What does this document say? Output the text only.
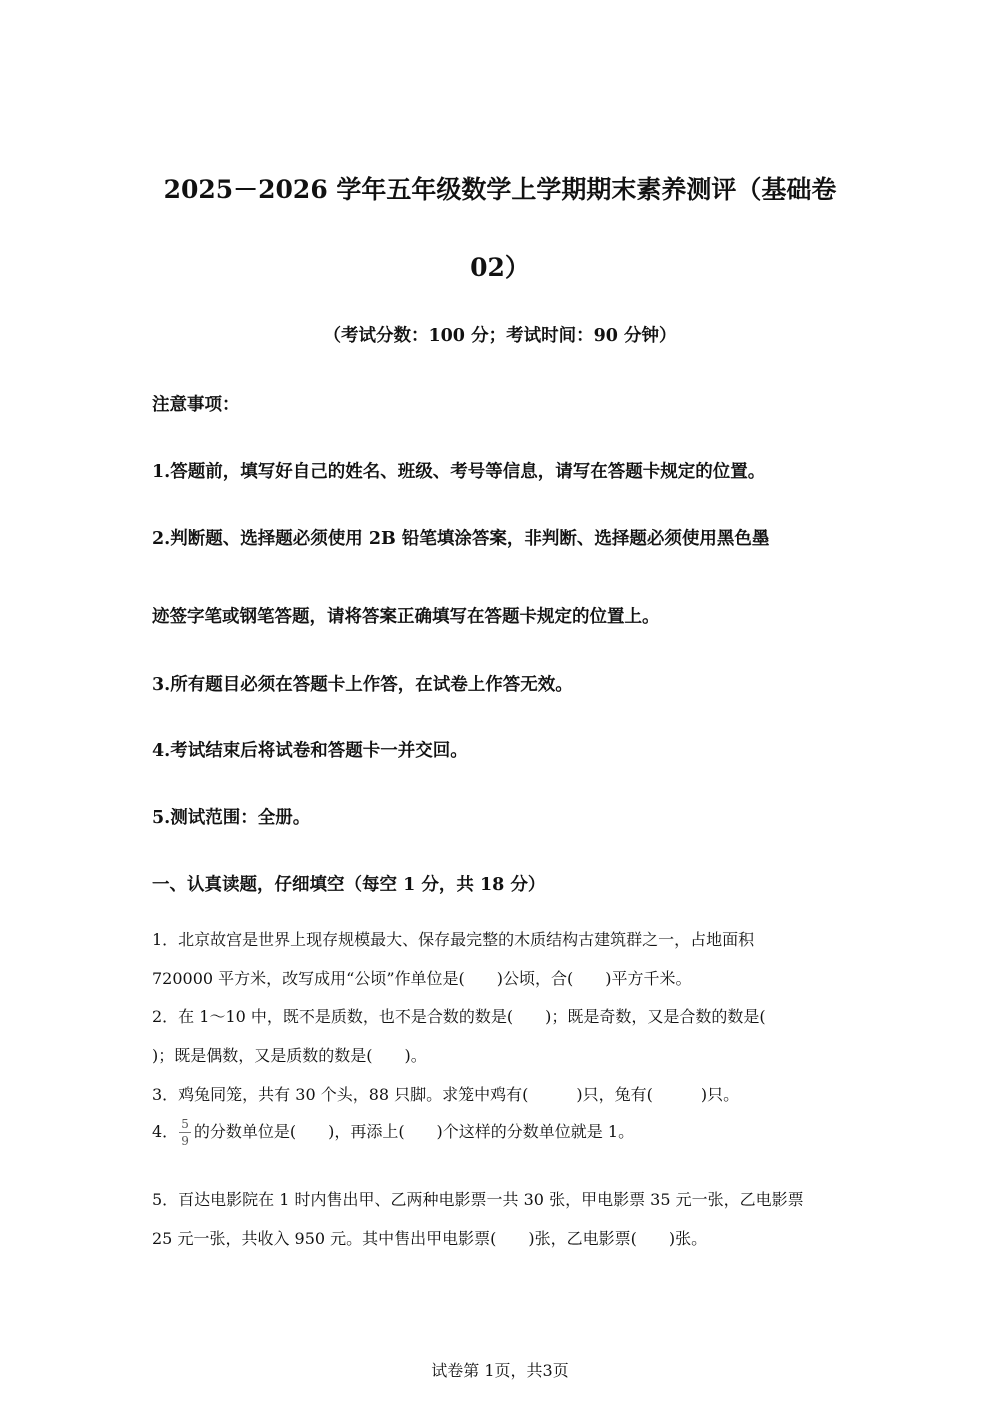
2025－2026 学年五年级数学上学期期末素养测评（基础卷
02）
（考试分数：100 分；考试时间：90 分钟）
注意事项：
1.答题前，填写好自己的姓名、班级、考号等信息，请写在答题卡规定的位置。
2.判断题、选择题必须使用 2B 铅笔填涂答案，非判断、选择题必须使用黑色墨
迹签字笔或钢笔答题，请将答案正确填写在答题卡规定的位置上。
3.所有题目必须在答题卡上作答，在试卷上作答无效。
4.考试结束后将试卷和答题卡一并交回。
5.测试范围：全册。
一、认真读题，仔细填空（每空 1 分，共 18 分）
1．北京故宫是世界上现存规模最大、保存最完整的木质结构古建筑群之一，占地面积
720000 平方米，改写成用“公顷”作单位是(　　)公顷，合(　　)平方千米。
2．在 1～10 中，既不是质数，也不是合数的数是(　　)；既是奇数，又是合数的数是(
)；既是偶数，又是质数的数是(　　)。
3．鸡兔同笼，共有 30 个头，88 只脚。求笼中鸡有(　　　)只，兔有(　　　)只。
4． $\frac{5}{9}$ 的分数单位是(　　)，再添上(　　)个这样的分数单位就是 1。
5．百达电影院在 1 时内售出甲、乙两种电影票一共 30 张，甲电影票 35 元一张，乙电影票
25 元一张，共收入 950 元。其中售出甲电影票(　　)张，乙电影票(　　)张。
试卷第 1页，共3页
